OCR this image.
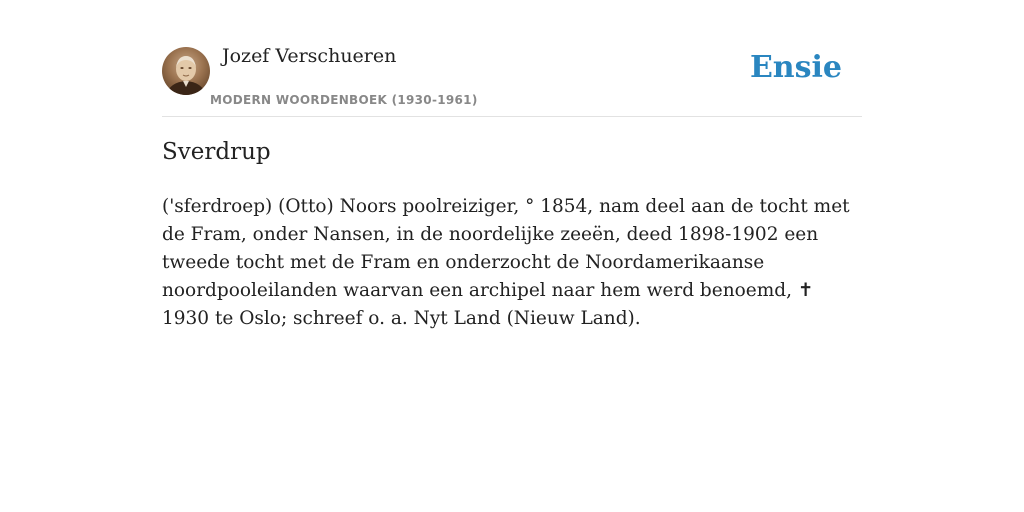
Jozef Verschueren
MODERN WOORDENBOEK (1930-1961)
Ensie
Sverdrup

('sferdroep) (Otto) Noors poolreiziger, ° 1854, nam deel aan de tocht met de Fram, onder Nansen, in de noordelijke zeeën, deed 1898-1902 een tweede tocht met de Fram en onderzocht de Noordamerikaanse noordpooleilanden waarvan een archipel naar hem werd benoemd, ✝ 1930 te Oslo; schreef o. a. Nyt Land (Nieuw Land).
